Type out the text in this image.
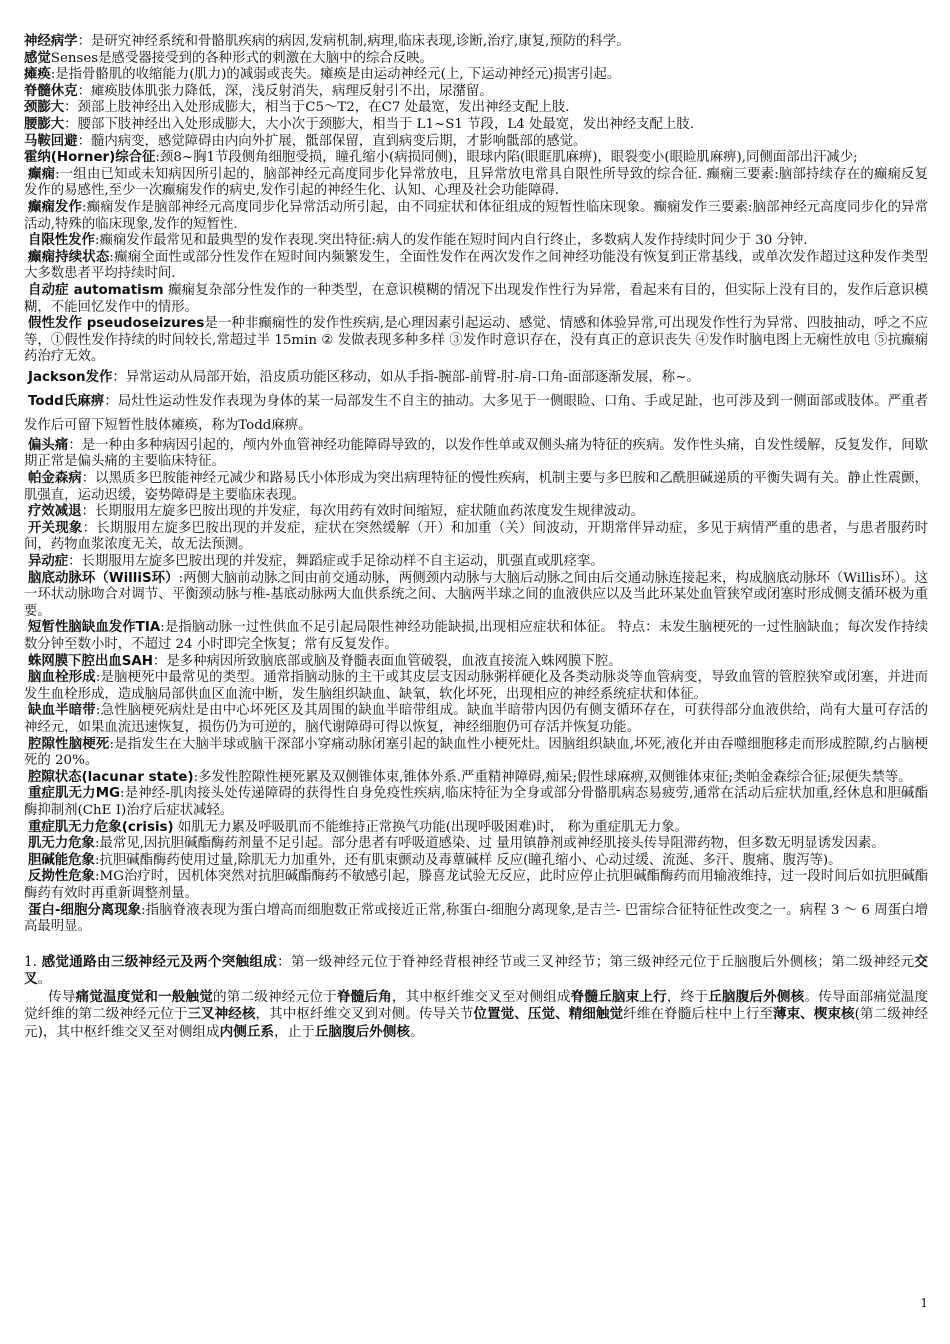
神经病学：是研究神经系统和骨骼肌疾病的病因,发病机制,病理,临床表现,诊断,治疗,康复,预防的科学。

感觉Senses是感受器接受到的各种形式的刺激在大脑中的综合反映。

瘫痪:是指骨骼肌的收缩能力(肌力)的减弱或丧失。瘫痪是由运动神经元(上, 下运动神经元)损害引起。

脊髓休克：瘫痪肢体肌张力降低，深，浅反射消失，病理反射引不出，尿潴留。

颈膨大：颈部上肢神经出入处形成膨大，相当于C5～T2，在C7 处最宽，发出神经支配上肢.

腰膨大：腰部下肢神经出入处形成膨大，大小次于颈膨大，相当于 L1~S1 节段，L4 处最宽，发出神经支配上肢.

马鞍回避：髓内病变，感觉障碍由内向外扩展，骶部保留，直到病变后期，才影响骶部的感觉。

霍纳(Horner)综合征:颈8~胸1节段侧角细胞受损，瞳孔缩小(病损同侧)，眼球内陷(眼眶肌麻痹)，眼裂变小(眼睑肌麻痹),同侧面部出汗减少;

癫痫:一组由已知或未知病因所引起的，脑部神经元高度同步化异常放电，且异常放电常具自限性所导致的综合征. 癫痫三要素:脑部持续存在的癫痫反复发作的易感性,至少一次癫痫发作的病史,发作引起的神经生化、认知、心理及社会功能障碍.

癫痫发作:癫痫发作是脑部神经元高度同步化异常活动所引起，由不同症状和体征组成的短暂性临床现象。癫痫发作三要素:脑部神经元高度同步化的异常活动,特殊的临床现象,发作的短暂性.

自限性发作:癫痫发作最常见和最典型的发作表现.突出特征:病人的发作能在短时间内自行终止，多数病人发作持续时间少于 30 分钟.

癫痫持续状态:癫痫全面性或部分性发作在短时间内频繁发生，全面性发作在两次发作之间神经功能没有恢复到正常基线，或单次发作超过这种发作类型大多数患者平均持续时间.

自动症 automatism 癫痫复杂部分性发作的一种类型，在意识模糊的情况下出现发作性行为异常，看起来有目的，但实际上没有目的，发作后意识模糊，不能回忆发作中的情形。

假性发作 pseudoseizures是一种非癫痫性的发作性疾病,是心理因素引起运动、感觉、情感和体验异常,可出现发作性行为异常、四肢抽动，呼之不应等，①假性发作持续的时间较长,常超过半 15min ② 发做表现多种多样 ③发作时意识存在，没有真正的意识丧失 ④发作时脑电图上无痫性放电 ⑤抗癫痫药治疗无效。

Jackson发作：异常运动从局部开始，沿皮质功能区移动，如从手指-腕部-前臂-肘-肩-口角-面部逐渐发展，称~。

Todd氏麻痹：局灶性运动性发作表现为身体的某一局部发生不自主的抽动。大多见于一侧眼睑、口角、手或足趾，也可涉及到一侧面部或肢体。严重者发作后可留下短暂性肢体瘫痪，称为Todd麻痹。

偏头痛：是一种由多种病因引起的，颅内外血管神经功能障碍导致的，以发作性单或双侧头痛为特征的疾病。发作性头痛，自发性缓解，反复发作，间歇期正常是偏头痛的主要临床特征。

帕金森病：以黑质多巴胺能神经元减少和路易氏小体形成为突出病理特征的慢性疾病，机制主要与多巴胺和乙酰胆碱递质的平衡失调有关。静止性震颤，肌强直，运动迟缓，姿势障碍是主要临床表现。

疗效减退：长期服用左旋多巴胺出现的并发症，每次用药有效时间缩短，症状随血药浓度发生规律波动。

开关现象：长期服用左旋多巴胺出现的并发症，症状在突然缓解（开）和加重（关）间波动，开期常伴异动症，多见于病情严重的患者，与患者服药时间，药物血浆浓度无关，故无法预测。

异动症：长期服用左旋多巴胺出现的并发症，舞蹈症或手足徐动样不自主运动，肌强直或肌痉挛。

脑底动脉环（WilliS环）:两侧大脑前动脉之间由前交通动脉，两侧颈内动脉与大脑后动脉之间由后交通动脉连接起来，构成脑底动脉环（Willis环）。这一环状动脉吻合对调节、平衡颈动脉与椎-基底动脉两大血供系统之间、大脑两半球之间的血液供应以及当此环某处血管狭窄或闭塞时形成侧支循环极为重要。

短暂性脑缺血发作TIA:是指脑动脉一过性供血不足引起局限性神经功能缺损,出现相应症状和体征。 特点：未发生脑梗死的一过性脑缺血；每次发作持续数分钟至数小时，不超过 24 小时即完全恢复；常有反复发作。

蛛网膜下腔出血SAH：是多种病因所致脑底部或脑及脊髓表面血管破裂，血液直接流入蛛网膜下腔。

脑血栓形成:是脑梗死中最常见的类型。通常指脑动脉的主干或其皮层支因动脉粥样硬化及各类动脉炎等血管病变，导致血管的管腔狭窄或闭塞，并进而发生血栓形成，造成脑局部供血区血流中断，发生脑组织缺血、缺氧，软化坏死，出现相应的神经系统症状和体征。

缺血半暗带:急性脑梗死病灶是由中心坏死区及其周围的缺血半暗带组成。缺血半暗带内因仍有侧支循环存在，可获得部分血液供给，尚有大量可存活的神经元，如果血流迅速恢复，损伤仍为可逆的，脑代谢障碍可得以恢复，神经细胞仍可存活并恢复功能。

腔隙性脑梗死:是指发生在大脑半球或脑干深部小穿痛动脉闭塞引起的缺血性小梗死灶。因脑组织缺血,坏死,液化并由吞噬细胞移走而形成腔隙,约占脑梗死的 20%。

腔隙状态(lacunar state):多发性腔隙性梗死累及双侧锥体束,锥体外系.严重精神障碍,痴呆;假性球麻痹,双侧锥体束征;类帕金森综合征;尿便失禁等。

重症肌无力MG:是神经-肌肉接头处传递障碍的获得性自身免疫性疾病,临床特征为全身或部分骨骼肌病态易疲劳,通常在活动后症状加重,经休息和胆碱酯酶抑制剂(ChE I)治疗后症状减轻。

重症肌无力危象(crisis) 如肌无力累及呼吸肌而不能维持正常换气功能(出现呼吸困难)时， 称为重症肌无力象。

肌无力危象:最常见,因抗胆碱酯酶药剂量不足引起。部分患者有呼吸道感染、过 量用镇静剂或神经肌接头传导阻滞药物，但多数无明显诱发因素。

胆碱能危象:抗胆碱酯酶药使用过量,除肌无力加重外，还有肌束颤动及毒蕈碱样 反应(瞳孔缩小、心动过缓、流涎、多汗、腹痛、腹泻等)。

反拗性危象:MG治疗时，因机体突然对抗胆碱酯酶药不敏感引起，滕喜龙试验无反应，此时应停止抗胆碱酯酶药而用输液维持，过一段时间后如抗胆碱酯酶药有效时再重新调整剂量。

蛋白-细胞分离现象:指脑脊液表现为蛋白增高而细胞数正常或接近正常,称蛋白-细胞分离现象,是吉兰- 巴雷综合征特征性改变之一。病程 3 ～ 6 周蛋白增高最明显。

1. 感觉通路由三级神经元及两个突触组成：第一级神经元位于脊神经背根神经节或三叉神经节；第三级神经元位于丘脑腹后外侧核；第二级神经元交叉。

传导痛觉温度觉和一般触觉的第二级神经元位于脊髓后角，其中枢纤维交叉至对侧组成脊髓丘脑束上行，终于丘脑腹后外侧核。传导面部痛觉温度觉纤维的第二级神经元位于三叉神经核，其中枢纤维交叉到对侧。传导关节位置觉、压觉、精细触觉纤维在脊髓后柱中上行至薄束、楔束核(第二级神经元)，其中枢纤维交叉至对侧组成内侧丘系，止于丘脑腹后外侧核。

1
